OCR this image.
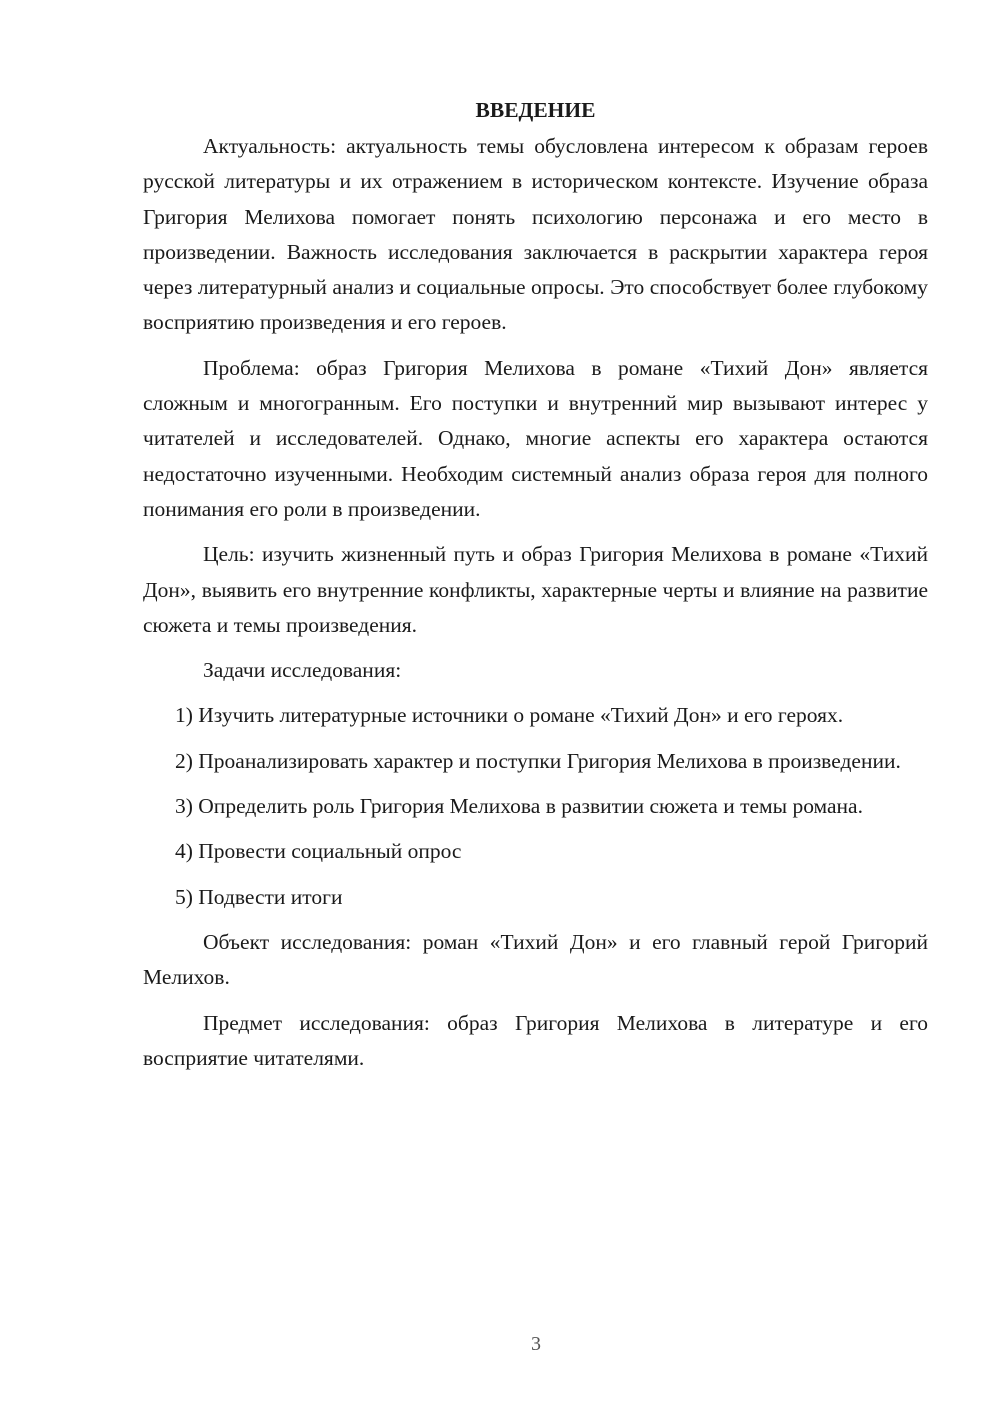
ВВЕДЕНИЕ

Актуальность: актуальность темы обусловлена интересом к образам героев русской литературы и их отражением в историческом контексте. Изучение образа Григория Мелихова помогает понять психологию персонажа и его место в произведении. Важность исследования заключается в раскрытии характера героя через литературный анализ и социальные опросы. Это способствует более глубокому восприятию произведения и его героев.

Проблема: образ Григория Мелихова в романе «Тихий Дон» является сложным и многогранным. Его поступки и внутренний мир вызывают интерес у читателей и исследователей. Однако, многие аспекты его характера остаются недостаточно изученными. Необходим системный анализ образа героя для полного понимания его роли в произведении.

Цель: изучить жизненный путь и образ Григория Мелихова в романе «Тихий Дон», выявить его внутренние конфликты, характерные черты и влияние на развитие сюжета и темы произведения.

Задачи исследования:

1) Изучить литературные источники о романе «Тихий Дон» и его героях.

2) Проанализировать характер и поступки Григория Мелихова в произведении.

3) Определить роль Григория Мелихова в развитии сюжета и темы романа.

4) Провести социальный опрос

5) Подвести итоги

Объект исследования: роман «Тихий Дон» и его главный герой Григорий Мелихов.

Предмет исследования: образ Григория Мелихова в литературе и его восприятие читателями.

3
